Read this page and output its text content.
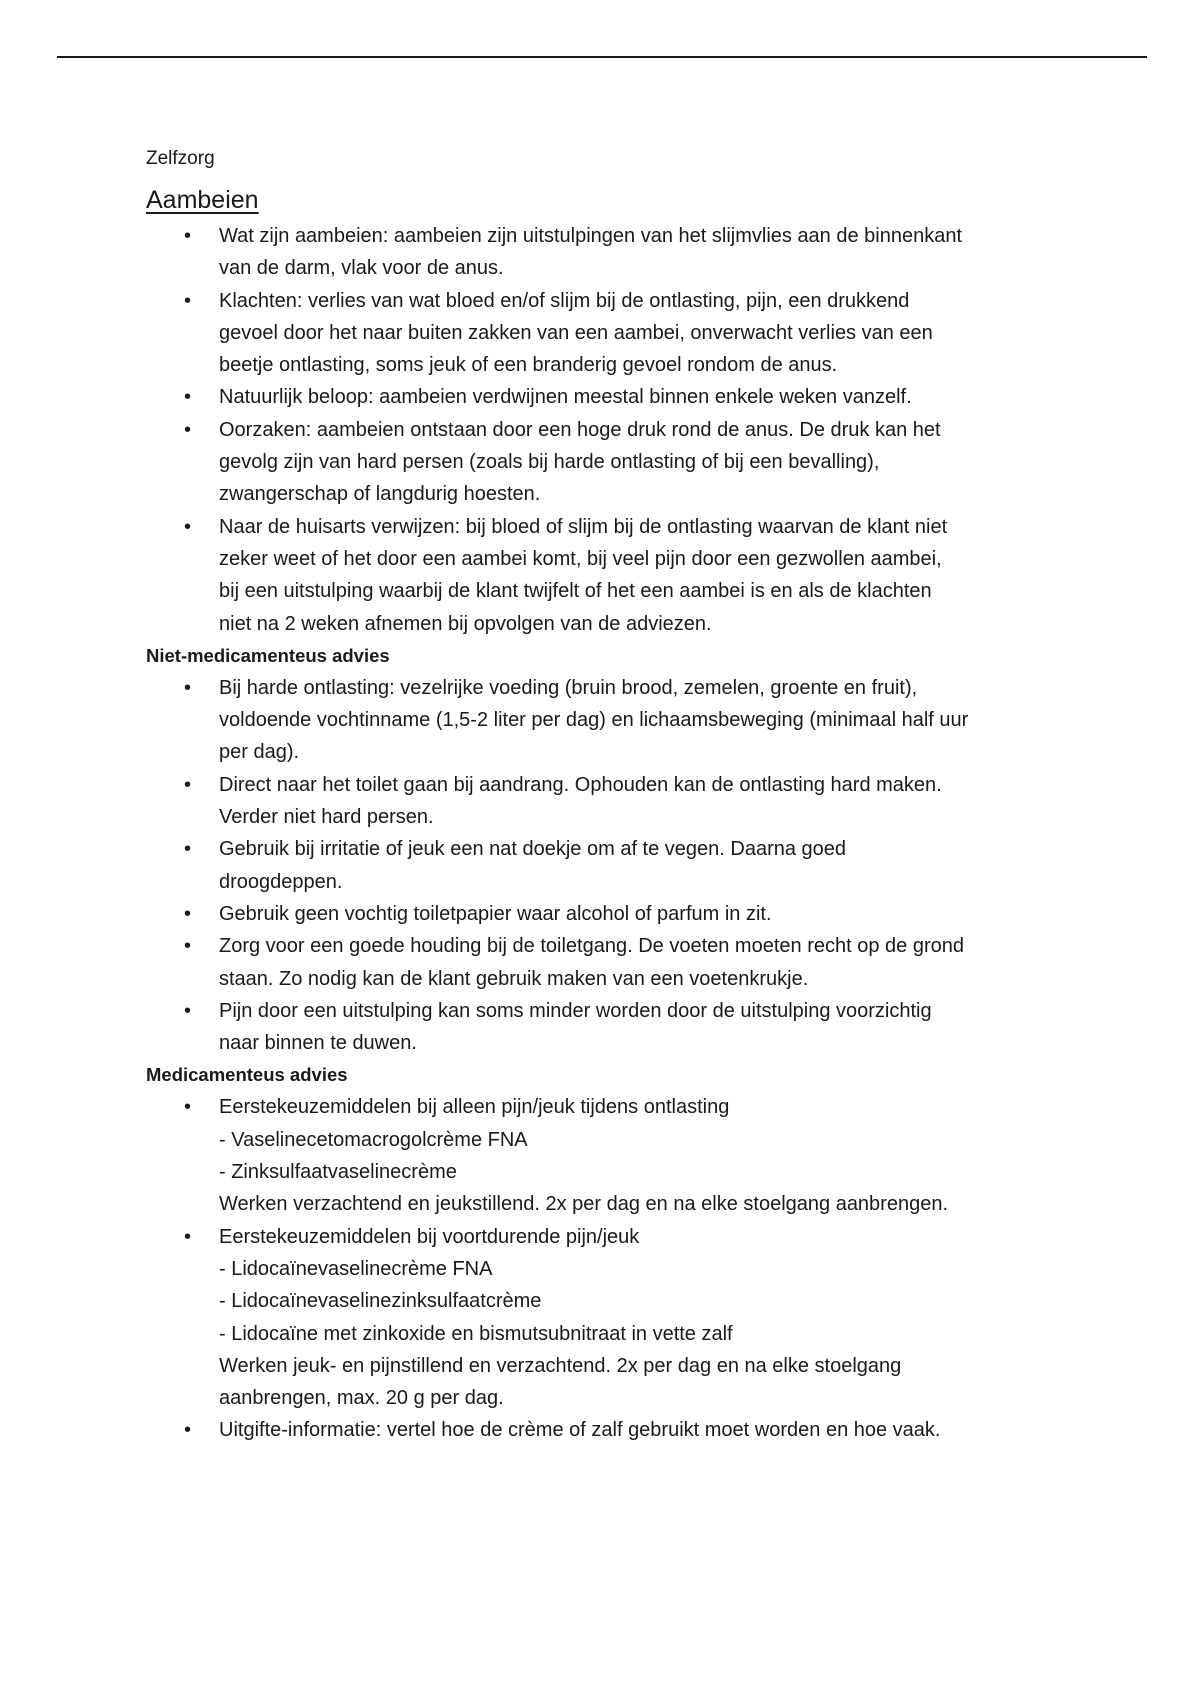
Zelfzorg
Aambeien
• Wat zijn aambeien: aambeien zijn uitstulpingen van het slijmvlies aan de binnenkant
van de darm, vlak voor de anus.
• Klachten: verlies van wat bloed en/of slijm bij de ontlasting, pijn, een drukkend
gevoel door het naar buiten zakken van een aambei, onverwacht verlies van een
beetje ontlasting, soms jeuk of een branderig gevoel rondom de anus.
• Natuurlijk beloop: aambeien verdwijnen meestal binnen enkele weken vanzelf.
• Oorzaken: aambeien ontstaan door een hoge druk rond de anus. De druk kan het
gevolg zijn van hard persen (zoals bij harde ontlasting of bij een bevalling),
zwangerschap of langdurig hoesten.
• Naar de huisarts verwijzen: bij bloed of slijm bij de ontlasting waarvan de klant niet
zeker weet of het door een aambei komt, bij veel pijn door een gezwollen aambei,
bij een uitstulping waarbij de klant twijfelt of het een aambei is en als de klachten
niet na 2 weken afnemen bij opvolgen van de adviezen.
Niet-medicamenteus advies
• Bij harde ontlasting: vezelrijke voeding (bruin brood, zemelen, groente en fruit),
voldoende vochtinname (1,5-2 liter per dag) en lichaamsbeweging (minimaal half uur
per dag).
• Direct naar het toilet gaan bij aandrang. Ophouden kan de ontlasting hard maken.
Verder niet hard persen.
• Gebruik bij irritatie of jeuk een nat doekje om af te vegen. Daarna goed
droogdeppen.
• Gebruik geen vochtig toiletpapier waar alcohol of parfum in zit.
• Zorg voor een goede houding bij de toiletgang. De voeten moeten recht op de grond
staan. Zo nodig kan de klant gebruik maken van een voetenkrukje.
• Pijn door een uitstulping kan soms minder worden door de uitstulping voorzichtig
naar binnen te duwen.
Medicamenteus advies
• Eerstekeuzemiddelen bij alleen pijn/jeuk tijdens ontlasting
- Vaselinecetomacrogolcrème FNA
- Zinksulfaatvaselinecrème
Werken verzachtend en jeukstillend. 2x per dag en na elke stoelgang aanbrengen.
• Eerstekeuzemiddelen bij voortdurende pijn/jeuk
- Lidocaïnevaselinecrème FNA
- Lidocaïnevaselinezinksulfaatcrème
- Lidocaïne met zinkoxide en bismutsubnitraat in vette zalf
Werken jeuk- en pijnstillend en verzachtend. 2x per dag en na elke stoelgang
aanbrengen, max. 20 g per dag.
• Uitgifte-informatie: vertel hoe de crème of zalf gebruikt moet worden en hoe vaak.
